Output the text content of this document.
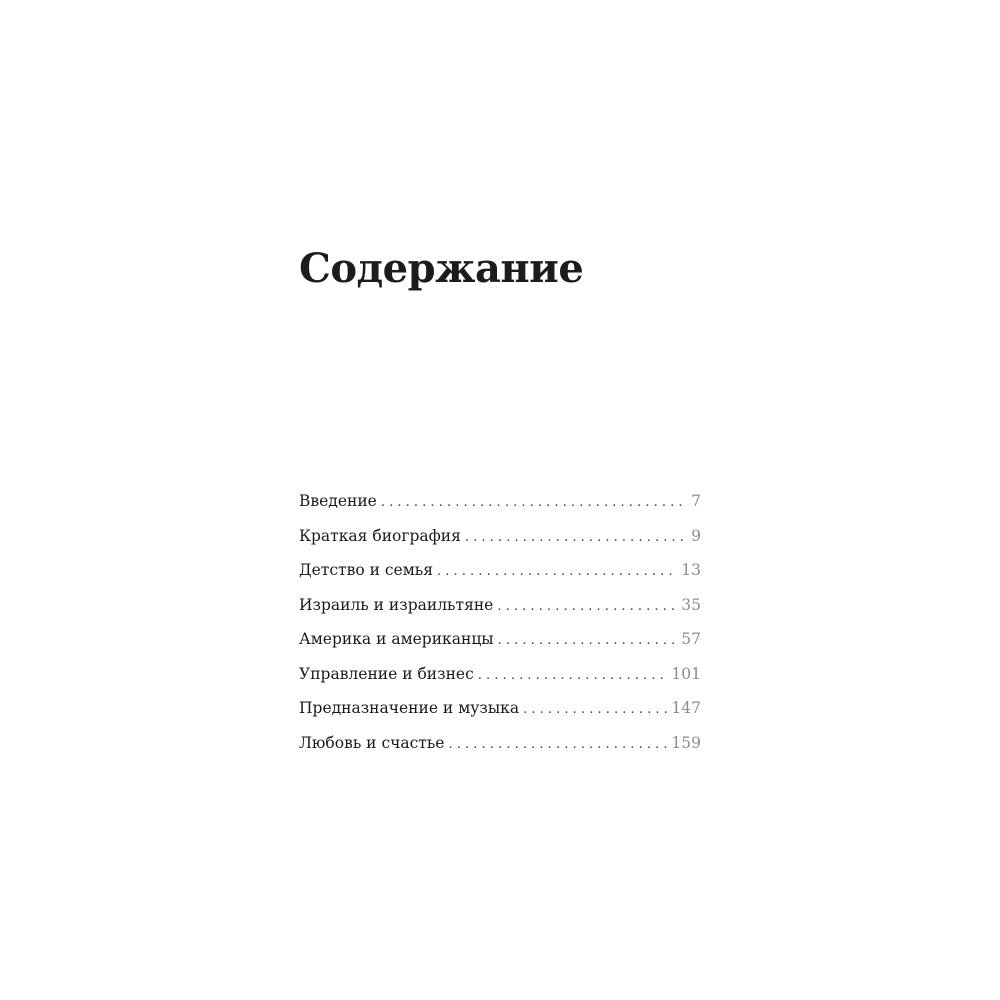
Содержание
Введение . . .	7
Краткая биография . . .	9
Детство и семья . . .	13
Израиль и израильтяне . . .	35
Америка и американцы . . .	57
Управление и бизнес . . .	101
Предназначение и музыка . . .	147
Любовь и счастье . . .	159
